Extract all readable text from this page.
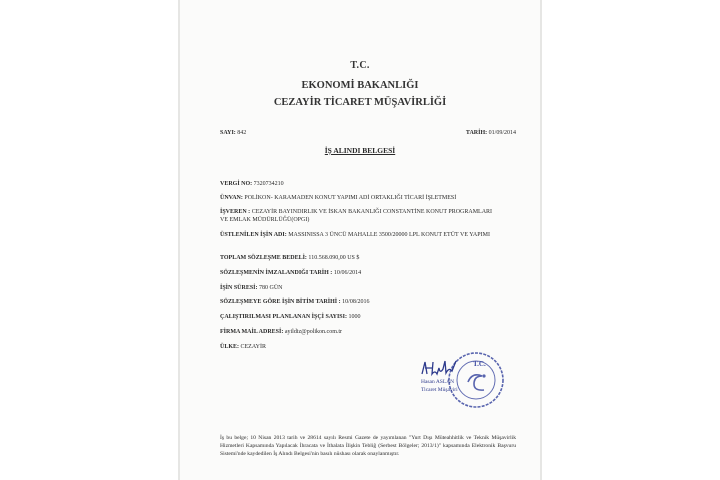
T.C.
EKONOMİ BAKANLIĞI
CEZAYİR TİCARET MÜŞAVİRLİĞİ
SAYI: 842	TARİH: 01/09/2014
İŞ ALINDI BELGESİ
VERGİ NO: 7320734210
ÜNVAN: POLİKON- KARAMADEN KONUT YAPIMI ADİ ORTAKLIĞI TİCARİ İŞLETMESİ
İŞVEREN : CEZAYİR BAYINDIRLIK VE İSKAN BAKANLIĞI CONSTANTİNE KONUT PROGRAMLARI VE EMLAK MÜDÜRLÜĞÜ(OPGI)
ÜSTLENİLEN İŞİN ADI: MASSINISSA 3 ÜNCÜ MAHALLE 3500/20000 LPL KONUT ETÜT VE YAPIMI
TOPLAM SÖZLEŞME BEDELİ: 110.568.090,00 US $
SÖZLEŞMENİN İMZALANDIĞI TARİH : 10/06/2014
İŞİN SÜRESİ: 780 GÜN
SÖZLEŞMEYE GÖRE İŞİN BİTİM TARİHİ : 10/08/2016
ÇALIŞTIRILMASI PLANLANAN İŞÇİ SAYISI: 1000
FİRMA MAİL ADRESİ: ayildiz@polikon.com.tr
ÜLKE: CEZAYİR
T.C.
Hasan ASLAN
Ticaret Müşaviri
İş bu belge; 10 Nisan 2013 tarih ve 28614 sayılı Resmi Gazete de yayımlanan "Yurt Dışı Müteahhitlik ve Teknik Müşavirlik Hizmetleri Kapsamında Yapılacak İhracata ve İthalata İlişkin Tebliğ (Serbest Bölgeler; 2013/1)" kapsamında Elektronik Başvuru Sistemi'nde kaydedilen İş Alındı Belgesi'nin basılı nüshası olarak onaylanmıştır.
